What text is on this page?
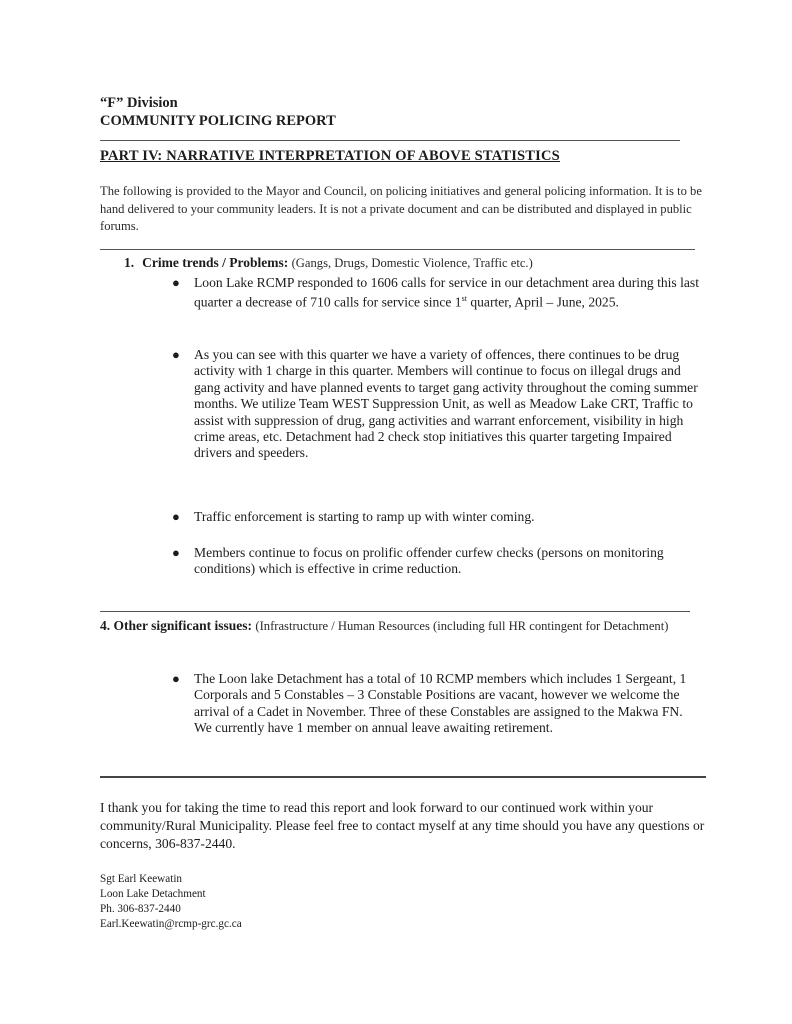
“F” Division
COMMUNITY POLICING REPORT
PART IV: NARRATIVE INTERPRETATION OF ABOVE STATISTICS
The following is provided to the Mayor and Council, on policing initiatives and general policing information. It is to be hand delivered to your community leaders. It is not a private document and can be distributed and displayed in public forums.
1. Crime trends / Problems: (Gangs, Drugs, Domestic Violence, Traffic etc.)
● Loon Lake RCMP responded to 1606 calls for service in our detachment area during this last quarter a decrease of 710 calls for service since 1st quarter, April – June, 2025.
● As you can see with this quarter we have a variety of offences, there continues to be drug activity with 1 charge in this quarter. Members will continue to focus on illegal drugs and gang activity and have planned events to target gang activity throughout the coming summer months. We utilize Team WEST Suppression Unit, as well as Meadow Lake CRT, Traffic to assist with suppression of drug, gang activities and warrant enforcement, visibility in high crime areas, etc. Detachment had 2 check stop initiatives this quarter targeting Impaired drivers and speeders.
● Traffic enforcement is starting to ramp up with winter coming.
● Members continue to focus on prolific offender curfew checks (persons on monitoring conditions) which is effective in crime reduction.
4. Other significant issues: (Infrastructure / Human Resources (including full HR contingent for Detachment)
● The Loon lake Detachment has a total of 10 RCMP members which includes 1 Sergeant, 1 Corporals and 5 Constables – 3 Constable Positions are vacant, however we welcome the arrival of a Cadet in November. Three of these Constables are assigned to the Makwa FN. We currently have 1 member on annual leave awaiting retirement.
I thank you for taking the time to read this report and look forward to our continued work within your community/Rural Municipality. Please feel free to contact myself at any time should you have any questions or concerns, 306-837-2440.
Sgt Earl Keewatin
Loon Lake Detachment
Ph. 306-837-2440
Earl.Keewatin@rcmp-grc.gc.ca
